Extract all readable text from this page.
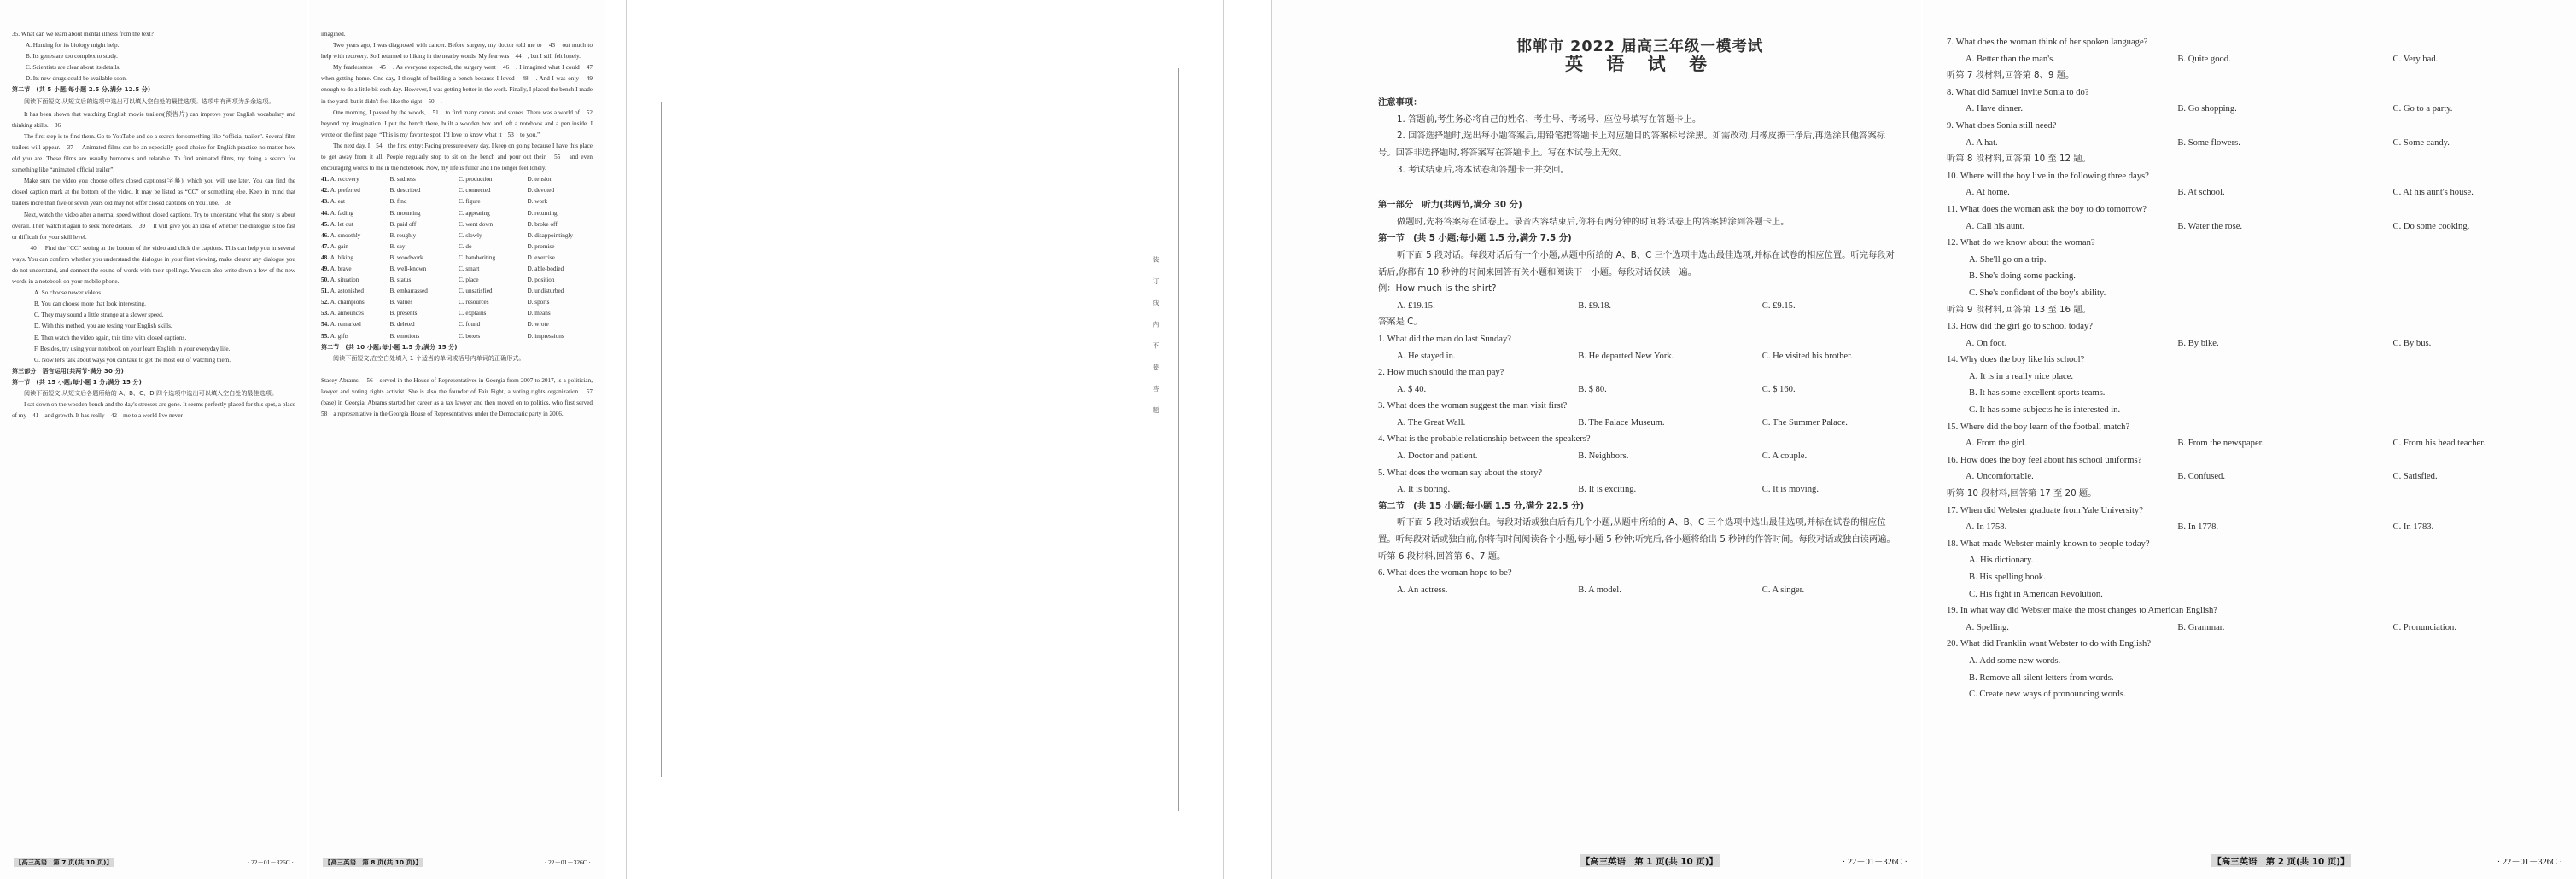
35. What can we learn about mental illness from the text?

A. Hunting for its biology might help.

B. Its genes are too complex to study.

C. Scientists are clear about its details.

D. Its new drugs could be available soon.

第二节　(共 5 小题;每小题 2.5 分,满分 12.5 分)

阅读下面短文,从短文后的选项中选出可以填入空白处的最佳选项。选项中有两项为多余选项。

It has been shown that watching English movie trailers(预告片) can improve your English vocabulary and thinking skills.　36　

The first step is to find them. Go to YouTube and do a search for something like “official trailer”. Several film trailers will appear.　37　 Animated films can be an especially good choice for English practice no matter how old you are. These films are usually humorous and relatable. To find animated films, try doing a search for something like “animated official trailer”.

Make sure the video you choose offers closed captions(字幕), which you will use later. You can find the closed caption mark at the bottom of the video. It may be listed as “CC” or something else. Keep in mind that trailers more than five or seven years old may not offer closed captions on YouTube.　38　

Next, watch the video after a normal speed without closed captions. Try to understand what the story is about overall. Then watch it again to seek more details.　39　 It will give you an idea of whether the dialogue is too fast or difficult for your skill level.

　40　 Find the “CC” setting at the bottom of the video and click the captions. This can help you in several ways. You can confirm whether you understand the dialogue in your first viewing, make clearer any dialogue you do not understand, and connect the sound of words with their spellings. You can also write down a few of the new words in a notebook on your mobile phone.

A. So choose newer videos.

B. You can choose more that look interesting.

C. They may sound a little strange at a slower speed.

D. With this method, you are testing your English skills.

E. Then watch the video again, this time with closed captions.

F. Besides, try using your notebook on your learn English in your everyday life.

G. Now let's talk about ways you can take to get the most out of watching them.

第三部分　语言运用(共两节·满分 30 分)

第一节　(共 15 小题;每小题 1 分;满分 15 分)

阅读下面短文,从短文后各题所给的 A、B、C、D 四个选项中选出可以填入空白处的最佳选项。

I sat down on the wooden bench and the day's stresses are gone. It seems perfectly placed for this spot, a place of my　41　and growth. It has really　42　me to a world I've never

【高三英语　第 7 页(共 10 页)】	· 22－01－326C ·

imagined.

Two years ago, I was diagnosed with cancer. Before surgery, my doctor told me to　43　out much to help with recovery. So I returned to hiking in the nearby words. My fear was　44　, but I still felt lonely.

My fearlessness　45　. As everyone expected, the surgery went　46　. I imagined what I could　47　when getting home. One day, I thought of building a bench because I loved　48　. And I was only　49　enough to do a little bit each day. However, I was getting better in the work. Finally, I placed the bench I made in the yard, but it didn't feel like the right　50　.

One morning, I passed by the woods,　51　to find many carrots and stones. There was a world of　52　beyond my imagination. I put the bench there, built a wooden box and left a notebook and a pen inside. I wrote on the first page, “This is my favorite spot. I'd love to know what it　53　to you.”

The next day, I　54　the first entry: Facing pressure every day, I keep on going because I have this place to get away from it all. People regularly stop to sit on the bench and pour out their　55　and even encouraging words to me in the notebook. Now, my life is fuller and I no longer feel lonely.

41. A. recovery	B. sadness	C. production	D. tension
42. A. preferred	B. described	C. connected	D. devoted
43. A. eat	B. find	C. figure	D. work
44. A. fading	B. mounting	C. appearing	D. returning
45. A. let out	B. paid off	C. went down	D. broke off
46. A. smoothly	B. roughly	C. slowly	D. disappointingly
47. A. gain	B. say	C. do	D. promise
48. A. hiking	B. woodwork	C. handwriting	D. exercise
49. A. brave	B. well-known	C. smart	D. able-bodied
50. A. situation	B. status	C. place	D. position
51. A. astonished	B. embarrassed	C. unsatisfied	D. undisturbed
52. A. champions	B. values	C. resources	D. sports
53. A. announces	B. presents	C. explains	D. means
54. A. remarked	B. deleted	C. found	D. wrote
55. A. gifts	B. emotions	C. boxes	D. impressions

第二节　(共 10 小题;每小题 1.5 分;满分 15 分)

阅读下面短文,在空白处填入 1 个适当的单词或括号内单词的正确形式。

Stacey Abrams,　56　served in the House of Representatives in Georgia from 2007 to 2017, is a politician, lawyer and voting rights activist. She is also the founder of Fair Fight, a voting rights organization　57　(base) in Georgia. Abrams started her career as a tax lawyer and then moved on to politics, who first served　58　a representative in the Georgia House of Representatives under the Democratic party in 2006.

【高三英语　第 8 页(共 10 页)】	· 22－01－326C ·
装　订　线　内　不　要　答　题

邯郸市 2022 届高三年级一模考试

英 语 试 卷

注意事项：

1. 答题前,考生务必将自己的姓名、考生号、考场号、座位号填写在答题卡上。

2. 回答选择题时,选出每小题答案后,用铅笔把答题卡上对应题目的答案标号涂黑。如需改动,用橡皮擦干净后,再选涂其他答案标号。回答非选择题时,将答案写在答题卡上。写在本试卷上无效。

3. 考试结束后,将本试卷和答题卡一并交回。

第一部分　听力(共两节,满分 30 分)

做题时,先将答案标在试卷上。录音内容结束后,你将有两分钟的时间将试卷上的答案转涂到答题卡上。

第一节　(共 5 小题;每小题 1.5 分,满分 7.5 分)

听下面 5 段对话。每段对话后有一个小题,从题中所给的 A、B、C 三个选项中选出最佳选项,并标在试卷的相应位置。听完每段对话后,你都有 10 秒钟的时间来回答有关小题和阅读下一小题。每段对话仅读一遍。

例：How much is the shirt?

A. £19.15.	B. £9.18.	C. £9.15.

答案是 C。

1. What did the man do last Sunday?

A. He stayed in.	B. He departed New York.	C. He visited his brother.

2. How much should the man pay?

A. $ 40.	B. $ 80.	C. $ 160.

3. What does the woman suggest the man visit first?

A. The Great Wall.	B. The Palace Museum.	C. The Summer Palace.

4. What is the probable relationship between the speakers?

A. Doctor and patient.	B. Neighbors.	C. A couple.

5. What does the woman say about the story?

A. It is boring.	B. It is exciting.	C. It is moving.

第二节　(共 15 小题;每小题 1.5 分,满分 22.5 分)

听下面 5 段对话或独白。每段对话或独白后有几个小题,从题中所给的 A、B、C 三个选项中选出最佳选项,并标在试卷的相应位置。听每段对话或独白前,你将有时间阅读各个小题,每小题 5 秒钟;听完后,各小题将给出 5 秒钟的作答时间。每段对话或独白读两遍。

听第 6 段材料,回答第 6、7 题。

6. What does the woman hope to be?

A. An actress.	B. A model.	C. A singer.
【高三英语　第 1 页(共 10 页)】	· 22－01－326C ·

7. What does the woman think of her spoken language?

A. Better than the man's.	B. Quite good.	C. Very bad.

听第 7 段材料,回答第 8、9 题。

8. What did Samuel invite Sonia to do?

A. Have dinner.	B. Go shopping.	C. Go to a party.

9. What does Sonia still need?

A. A hat.	B. Some flowers.	C. Some candy.

听第 8 段材料,回答第 10 至 12 题。

10. Where will the boy live in the following three days?

A. At home.	B. At school.	C. At his aunt's house.

11. What does the woman ask the boy to do tomorrow?

A. Call his aunt.	B. Water the rose.	C. Do some cooking.

12. What do we know about the woman?

A. She'll go on a trip.

B. She's doing some packing.

C. She's confident of the boy's ability.

听第 9 段材料,回答第 13 至 16 题。

13. How did the girl go to school today?

A. On foot.	B. By bike.	C. By bus.

14. Why does the boy like his school?

A. It is in a really nice place.

B. It has some excellent sports teams.

C. It has some subjects he is interested in.

15. Where did the boy learn of the football match?

A. From the girl.	B. From the newspaper.	C. From his head teacher.

16. How does the boy feel about his school uniforms?

A. Uncomfortable.	B. Confused.	C. Satisfied.

听第 10 段材料,回答第 17 至 20 题。

17. When did Webster graduate from Yale University?

A. In 1758.	B. In 1778.	C. In 1783.

18. What made Webster mainly known to people today?

A. His dictionary.

B. His spelling book.

C. His fight in American Revolution.

19. In what way did Webster make the most changes to American English?

A. Spelling.	B. Grammar.	C. Pronunciation.

20. What did Franklin want Webster to do with English?

A. Add some new words.

B. Remove all silent letters from words.

C. Create new ways of pronouncing words.

【高三英语　第 2 页(共 10 页)】	· 22－01－326C ·
